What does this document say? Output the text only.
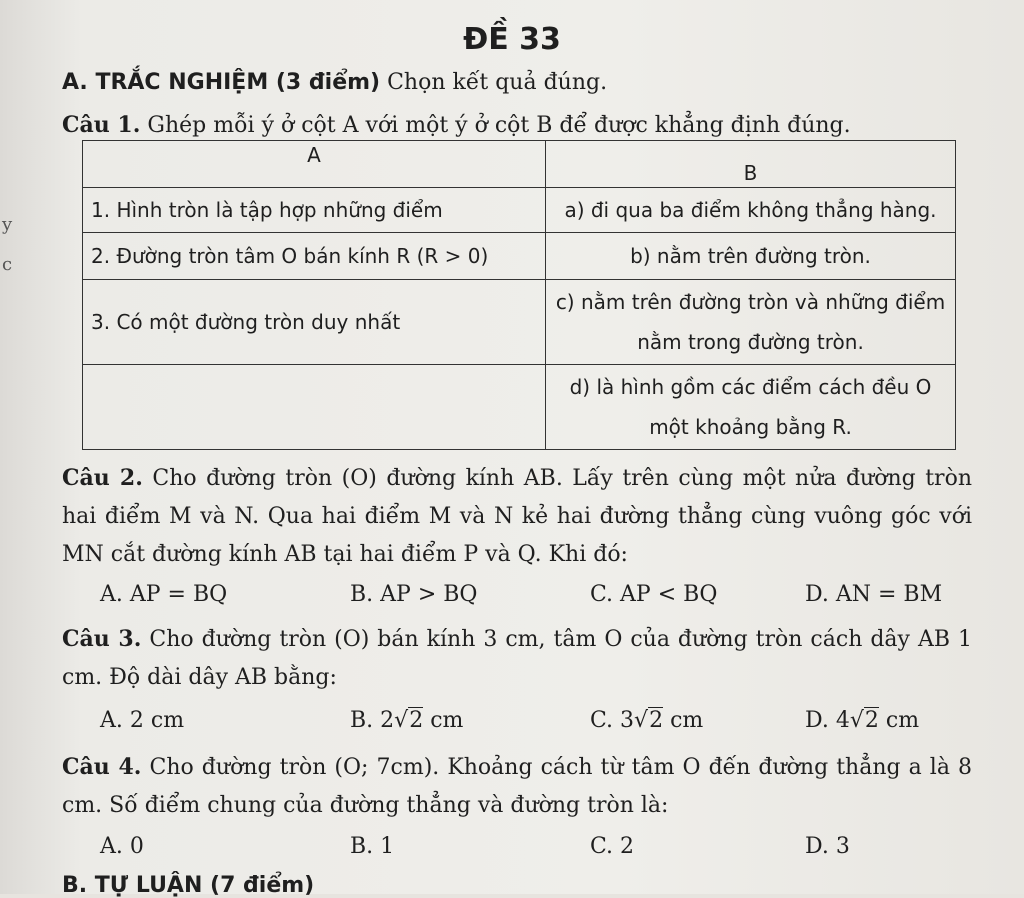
y
c
ĐỀ 33
A. TRẮC NGHIỆM (3 điểm) Chọn kết quả đúng.
Câu 1. Ghép mỗi ý ở cột A với một ý ở cột B để được khẳng định đúng.
A	B
1. Hình tròn là tập hợp những điểm	a) đi qua ba điểm không thẳng hàng.
2. Đường tròn tâm O bán kính R (R > 0)	b) nằm trên đường tròn.
3. Có một đường tròn duy nhất	c) nằm trên đường tròn và những điểm nằm trong đường tròn.
	d) là hình gồm các điểm cách đều O một khoảng bằng R.
Câu 2. Cho đường tròn (O) đường kính AB. Lấy trên cùng một nửa đường tròn hai điểm M và N. Qua hai điểm M và N kẻ hai đường thẳng cùng vuông góc với MN cắt đường kính AB tại hai điểm P và Q. Khi đó:
A. AP = BQ	B. AP > BQ	C. AP < BQ	D. AN = BM
Câu 3. Cho đường tròn (O) bán kính 3 cm, tâm O của đường tròn cách dây AB 1 cm. Độ dài dây AB bằng:
A. 2 cm	B. 2√2 cm	C. 3√2 cm	D. 4√2 cm
Câu 4. Cho đường tròn (O; 7cm). Khoảng cách từ tâm O đến đường thẳng a là 8 cm. Số điểm chung của đường thẳng và đường tròn là:
A. 0	B. 1	C. 2	D. 3
B. TỰ LUẬN (7 điểm)
